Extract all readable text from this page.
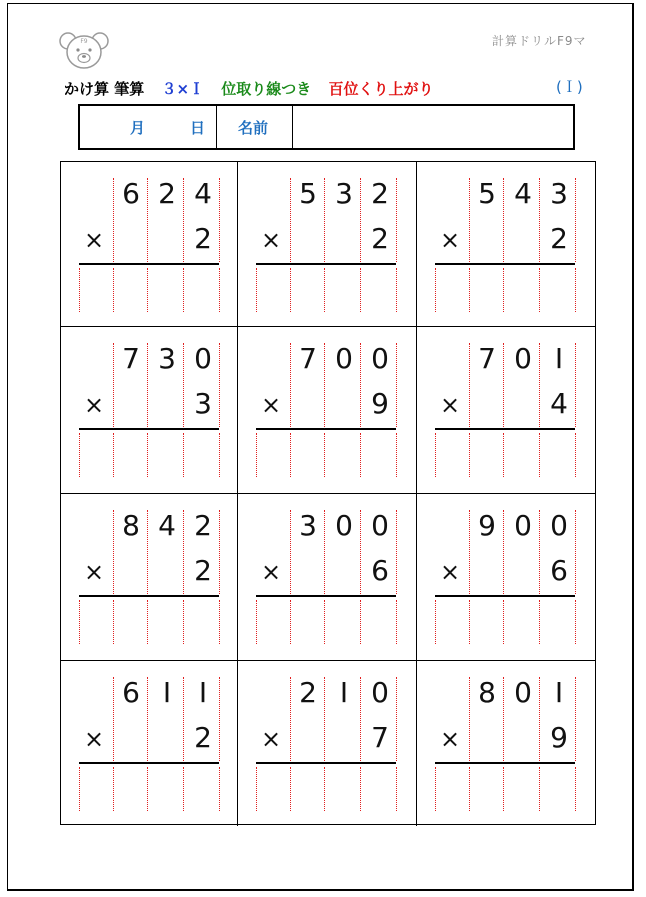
F9	計算ドリルF9マ
かけ算 筆算 ３×Ｉ 位取り線つき 百位くり上がり	(Ｉ)
月	日 名前
6 2 4
×	2
5 3 2
×	2
5 4 3
×	2
7 3 0
×	3
7 0 0
×	9
7 0 I
×	4
8 4 2
×	2
3 0 0
×	6
9 0 0
×	6
6 I I
×	2
2 I 0
×	7
8 0 I
×	9
